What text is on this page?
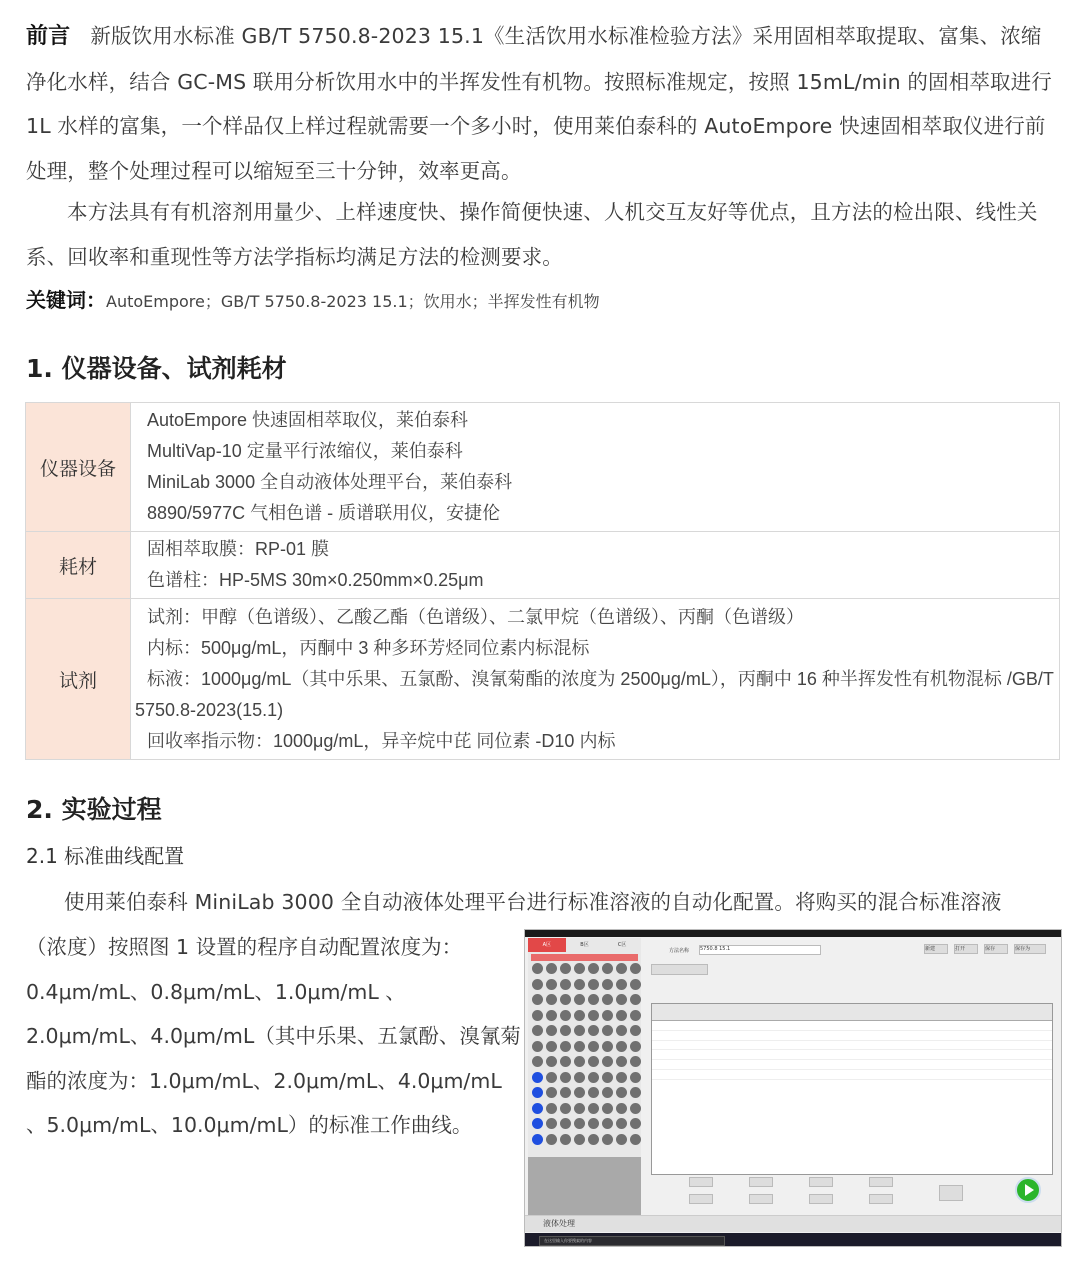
前言 新版饮用水标准 GB/T 5750.8-2023 15.1《生活饮用水标准检验方法》采用固相萃取提取、富集、浓缩净化水样，结合 GC-MS 联用分析饮用水中的半挥发性有机物。按照标准规定，按照 15mL/min 的固相萃取进行 1L 水样的富集，一个样品仅上样过程就需要一个多小时，使用莱伯泰科的 AutoEmpore 快速固相萃取仪进行前处理，整个处理过程可以缩短至三十分钟，效率更高。
本方法具有有机溶剂用量少、上样速度快、操作简便快速、人机交互友好等优点，且方法的检出限、线性关系、回收率和重现性等方法学指标均满足方法的检测要求。
关键词：AutoEmpore；GB/T 5750.8-2023 15.1；饮用水；半挥发性有机物
1. 仪器设备、试剂耗材
仪器设备	AutoEmpore 快速固相萃取仪，莱伯泰科
MultiVap-10 定量平行浓缩仪，莱伯泰科
MiniLab 3000 全自动液体处理平台，莱伯泰科
8890/5977C 气相色谱 - 质谱联用仪，安捷伦

耗材	固相萃取膜：RP-01 膜
色谱柱：HP-5MS 30m×0.250mm×0.25μm

试剂	试剂：甲醇（色谱级）、乙酸乙酯（色谱级）、二氯甲烷（色谱级）、丙酮（色谱级）
内标：500μg/mL，丙酮中 3 种多环芳烃同位素内标混标
标液：1000μg/mL（其中乐果、五氯酚、溴氰菊酯的浓度为 2500μg/mL），丙酮中 16 种半挥发性有机物混标 /GB/T 5750.8-2023(15.1)
回收率指示物：1000μg/mL，异辛烷中芘 同位素 -D10 内标
2. 实验过程
2.1 标准曲线配置
使用莱伯泰科 MiniLab 3000 全自动液体处理平台进行标准溶液的自动化配置。将购买的混合标准溶液
（浓度）按照图 1 设置的程序自动配置浓度为：0.4μm/mL、0.8μm/mL、1.0μm/mL 、2.0μm/mL、4.0μm/mL（其中乐果、五氯酚、溴氰菊酯的浓度为：1.0μm/mL、2.0μm/mL、4.0μm/mL 、5.0μm/mL、10.0μm/mL）的标准工作曲线。
A区	B区	C区
方法名称 5750.8 15.1	新建	打开	保存	保存为
液体处理
在这里输入你要搜索的内容
